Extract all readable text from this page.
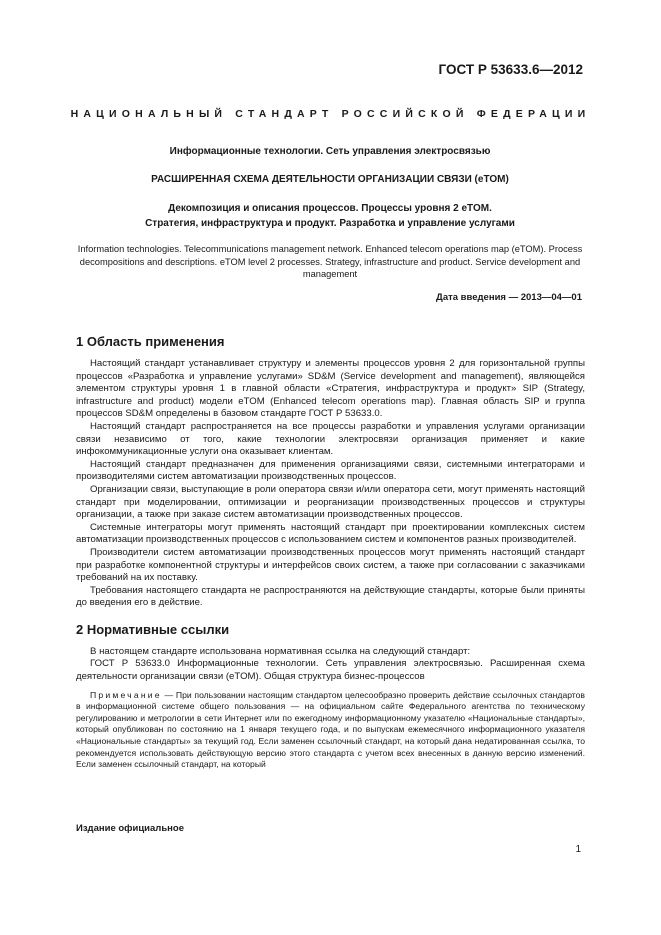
ГОСТ Р 53633.6—2012
НАЦИОНАЛЬНЫЙ СТАНДАРТ РОССИЙСКОЙ ФЕДЕРАЦИИ

Информационные технологии. Сеть управления электросвязью

РАСШИРЕННАЯ СХЕМА ДЕЯТЕЛЬНОСТИ ОРГАНИЗАЦИИ СВЯЗИ (eTOM)

Декомпозиция и описания процессов. Процессы уровня 2 eTOM.
Стратегия, инфраструктура и продукт. Разработка и управление услугами

Information technologies. Telecommunications management network. Enhanced telecom operations map (eTOM). Process decompositions and descriptions. eTOM level 2 processes. Strategy, infrastructure and product. Service development and management

Дата введения — 2013—04—01
1 Область применения

Настоящий стандарт устанавливает структуру и элементы процессов уровня 2 для горизонтальной группы процессов «Разработка и управление услугами» SD&M (Service development and management), являющейся элементом структуры уровня 1 в главной области «Стратегия, инфраструктура и продукт» SIP (Strategy, infrastructure and product) модели eTOM (Enhanced telecom operations map). Главная область SIP и группа процессов SD&M определены в базовом стандарте ГОСТ Р 53633.0.

Настоящий стандарт распространяется на все процессы разработки и управления услугами организации связи независимо от того, какие технологии электросвязи организация применяет и какие инфокоммуникационные услуги она оказывает клиентам.

Настоящий стандарт предназначен для применения организациями связи, системными интеграторами и производителями систем автоматизации производственных процессов.

Организации связи, выступающие в роли оператора связи и/или оператора сети, могут применять настоящий стандарт при моделировании, оптимизации и реорганизации производственных процессов и структуры организации, а также при заказе систем автоматизации производственных процессов.

Системные интеграторы могут применять настоящий стандарт при проектировании комплексных систем автоматизации производственных процессов с использованием систем и компонентов разных производителей.

Производители систем автоматизации производственных процессов могут применять настоящий стандарт при разработке компонентной структуры и интерфейсов своих систем, а также при согласовании с заказчиками требований на их поставку.

Требования настоящего стандарта не распространяются на действующие стандарты, которые были приняты до введения его в действие.

2 Нормативные ссылки

В настоящем стандарте использована нормативная ссылка на следующий стандарт:

ГОСТ Р 53633.0 Информационные технологии. Сеть управления электросвязью. Расширенная схема деятельности организации связи (eTOM). Общая структура бизнес-процессов

Примечание — При пользовании настоящим стандартом целесообразно проверить действие ссылочных стандартов в информационной системе общего пользования — на официальном сайте Федерального агентства по техническому регулированию и метрологии в сети Интернет или по ежегодному информационному указателю «Национальные стандарты», который опубликован по состоянию на 1 января текущего года, и по выпускам ежемесячного информационного указателя «Национальные стандарты» за текущий год. Если заменен ссылочный стандарт, на который дана недатированная ссылка, то рекомендуется использовать действующую версию этого стандарта с учетом всех внесенных в данную версию изменений. Если заменен ссылочный стандарт, на который
Издание официальное
1
